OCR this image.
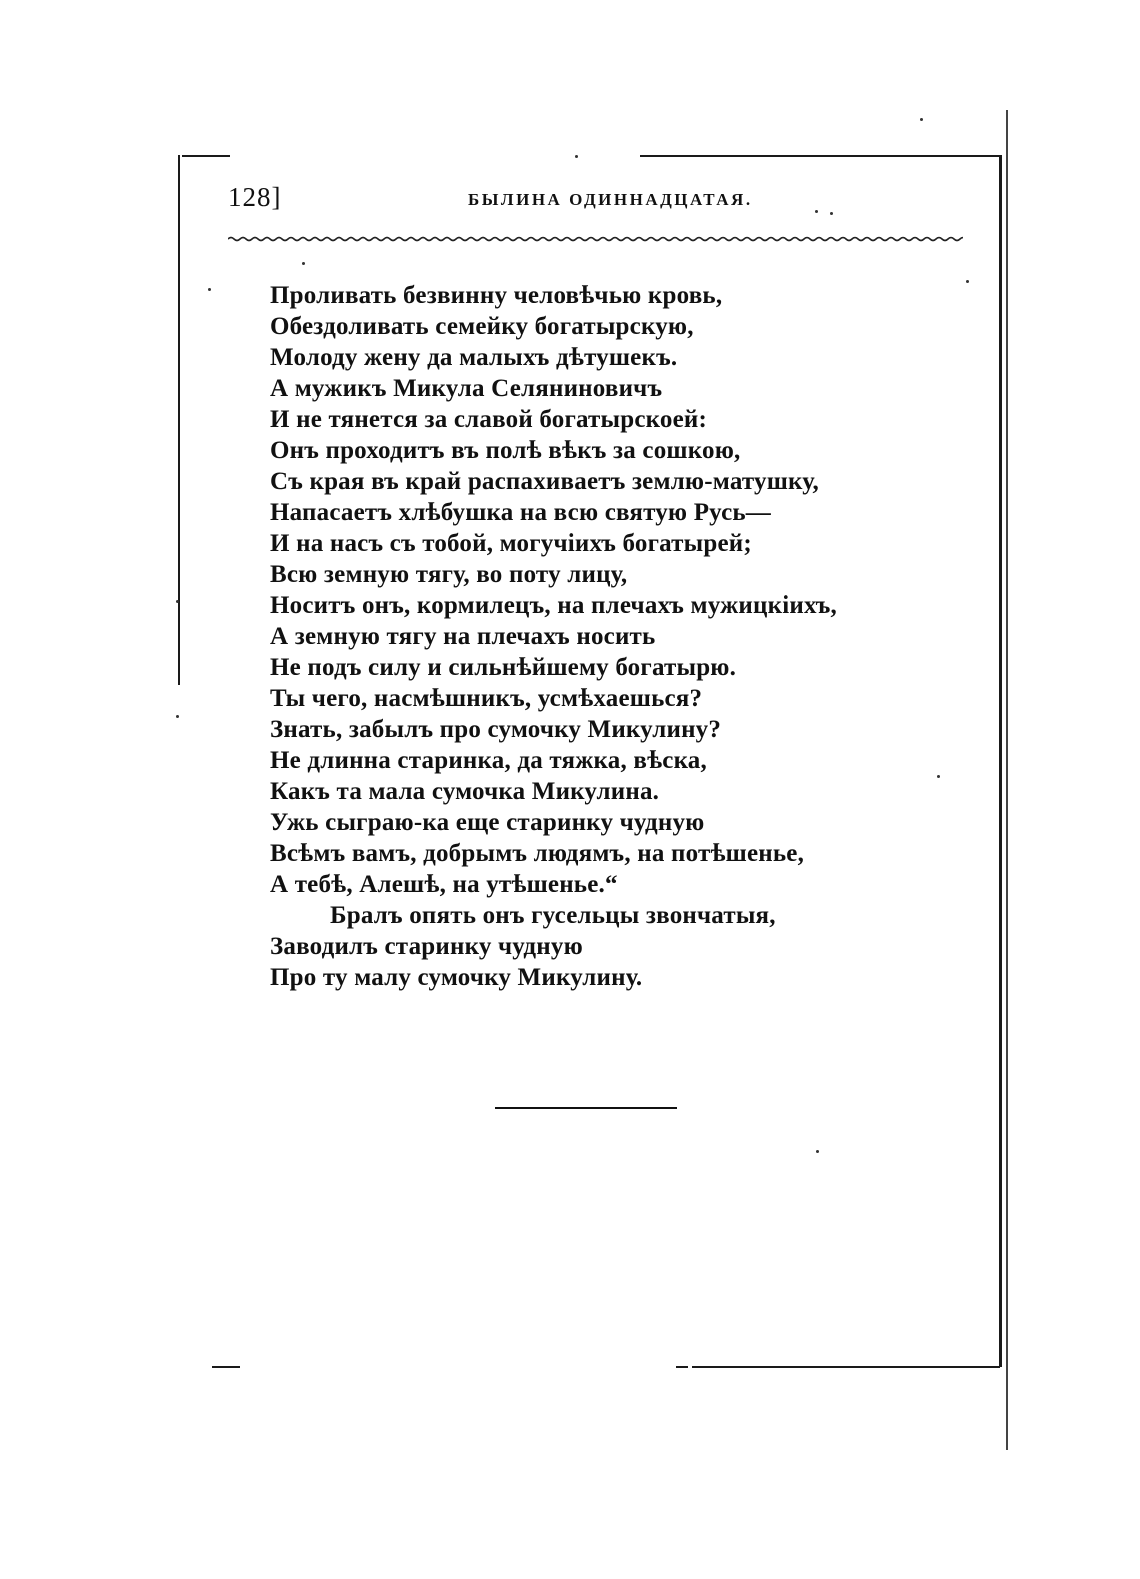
128]	БЫЛИНА ОДИННАДЦАТАЯ.
Проливать безвинну человѣчью кровь,
Обездоливать семейку богатырскую,
Молоду жену да малыхъ дѣтушекъ.
А мужикъ Микула Селяниновичъ
И не тянется за славой богатырскоей:
Онъ проходитъ въ полѣ вѣкъ за сошкою,
Съ края въ край распахиваетъ землю-матушку,
Напасаетъ хлѣбушка на всю святую Русь—
И на насъ съ тобой, могучіихъ богатырей;
Всю земную тягу, во поту лицу,
Носитъ онъ, кормилецъ, на плечахъ мужицкіихъ,
А земную тягу на плечахъ носить
Не подъ силу и сильнѣйшему богатырю.
Ты чего, насмѣшникъ, усмѣхаешься?
Знать, забылъ про сумочку Микулину?
Не длинна старинка, да тяжка, вѣска,
Какъ та мала сумочка Микулина.
Ужь сыграю-ка еще старинку чудную
Всѣмъ вамъ, добрымъ людямъ, на потѣшенье,
А тебѣ, Алешѣ, на утѣшенье.“
Бралъ опять онъ гусельцы звончатыя,
Заводилъ старинку чудную
Про ту малу сумочку Микулину.
